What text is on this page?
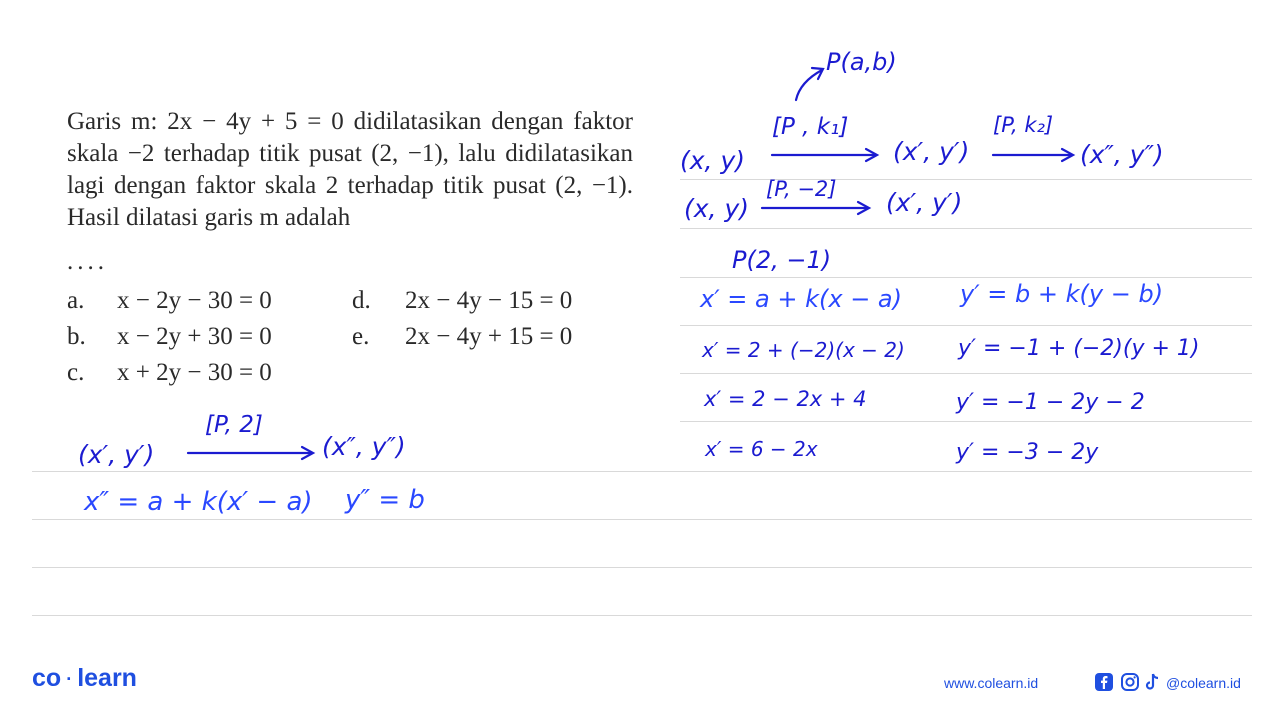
Garis m: 2x − 4y + 5 = 0 didilatasikan dengan faktor skala −2 terhadap titik pusat (2, −1), lalu didilatasikan lagi dengan faktor skala 2 terhadap titik pusat (2, −1). Hasil dilatasi garis m adalah
....
a. x − 2y − 30 = 0
b. x − 2y + 30 = 0
c. x + 2y − 30 = 0
d. 2x − 4y − 15 = 0
e. 2x − 4y + 15 = 0
P(a,b)
(x, y)
[P , k₁]
(x′, y′)
[P, k₂]
(x″, y″)
(x, y)
[P, −2] (x′, y′)
P(2, −1)
x′ = a + k(x − a) y′ = b + k(y − b)
x′ = 2 + (−2)(x − 2) y′ = −1 + (−2)(y + 1)
x′ = 2 − 2x + 4	y′ = −1 − 2y − 2
x′ = 6 − 2x	y′ = −3 − 2y
(x′, y′)
[P, 2]
(x″, y″)
x″ = a + k(x′ − a) y″ = b
co · learn	www.colearn.id	@colearn.id
